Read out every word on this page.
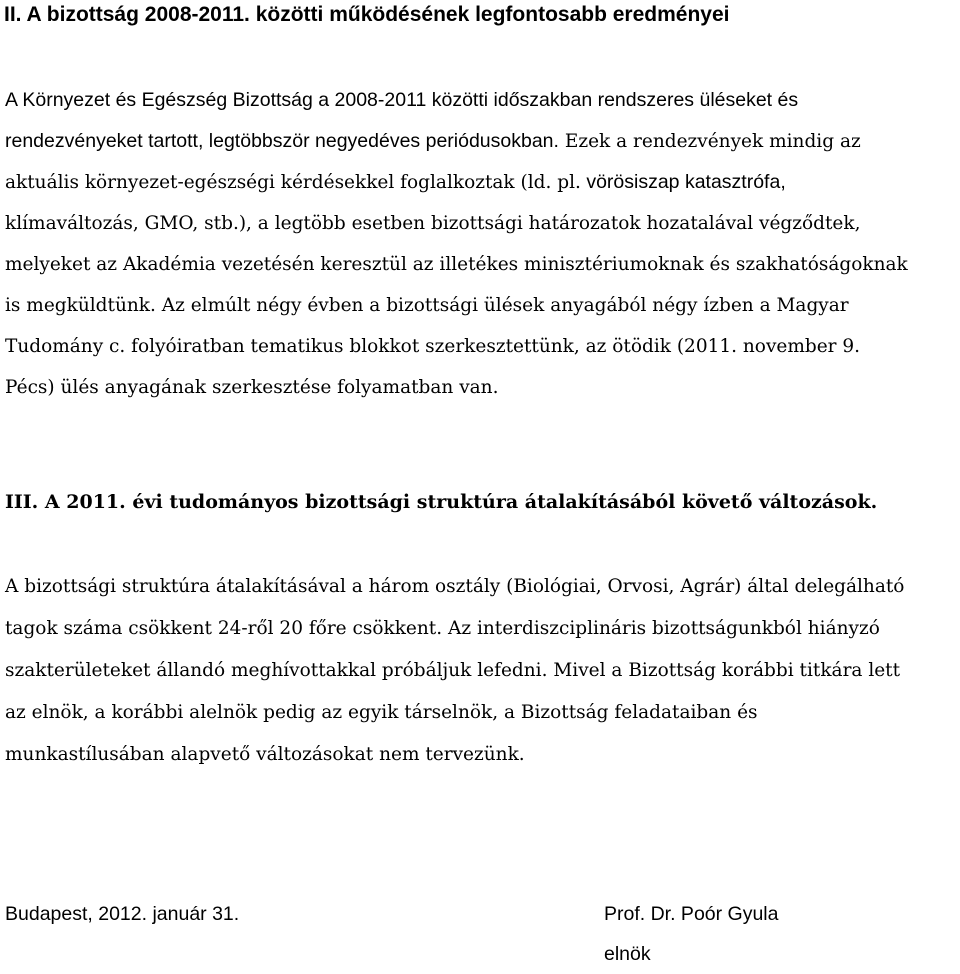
II. A bizottság 2008-2011. közötti működésének legfontosabb eredményei
A Környezet és Egészség Bizottság a 2008-2011 közötti időszakban rendszeres üléseket és
rendezvényeket tartott, legtöbbször negyedéves periódusokban. Ezek a rendezvények mindig az
aktuális környezet-egészségi kérdésekkel foglalkoztak (ld. pl. vörösiszap katasztrófa,
klímaváltozás, GMO, stb.), a legtöbb esetben bizottsági határozatok hozatalával végződtek,
melyeket az Akadémia vezetésén keresztül az illetékes minisztériumoknak és szakhatóságoknak
is megküldtünk. Az elmúlt négy évben a bizottsági ülések anyagából négy ízben a Magyar
Tudomány c. folyóiratban tematikus blokkot szerkesztettünk, az ötödik (2011. november 9.
Pécs) ülés anyagának szerkesztése folyamatban van.
III. A 2011. évi tudományos bizottsági struktúra átalakításából követő változások.
A bizottsági struktúra átalakításával a három osztály (Biológiai, Orvosi, Agrár) által delegálható
tagok száma csökkent 24-ről 20 főre csökkent. Az interdiszciplináris bizottságunkból hiányzó
szakterületeket állandó meghívottakkal próbáljuk lefedni. Mivel a Bizottság korábbi titkára lett
az elnök, a korábbi alelnök pedig az egyik társelnök, a Bizottság feladataiban és
munkastílusában alapvető változásokat nem tervezünk.

Budapest, 2012. január 31.	Prof. Dr. Poór Gyula
elnök
